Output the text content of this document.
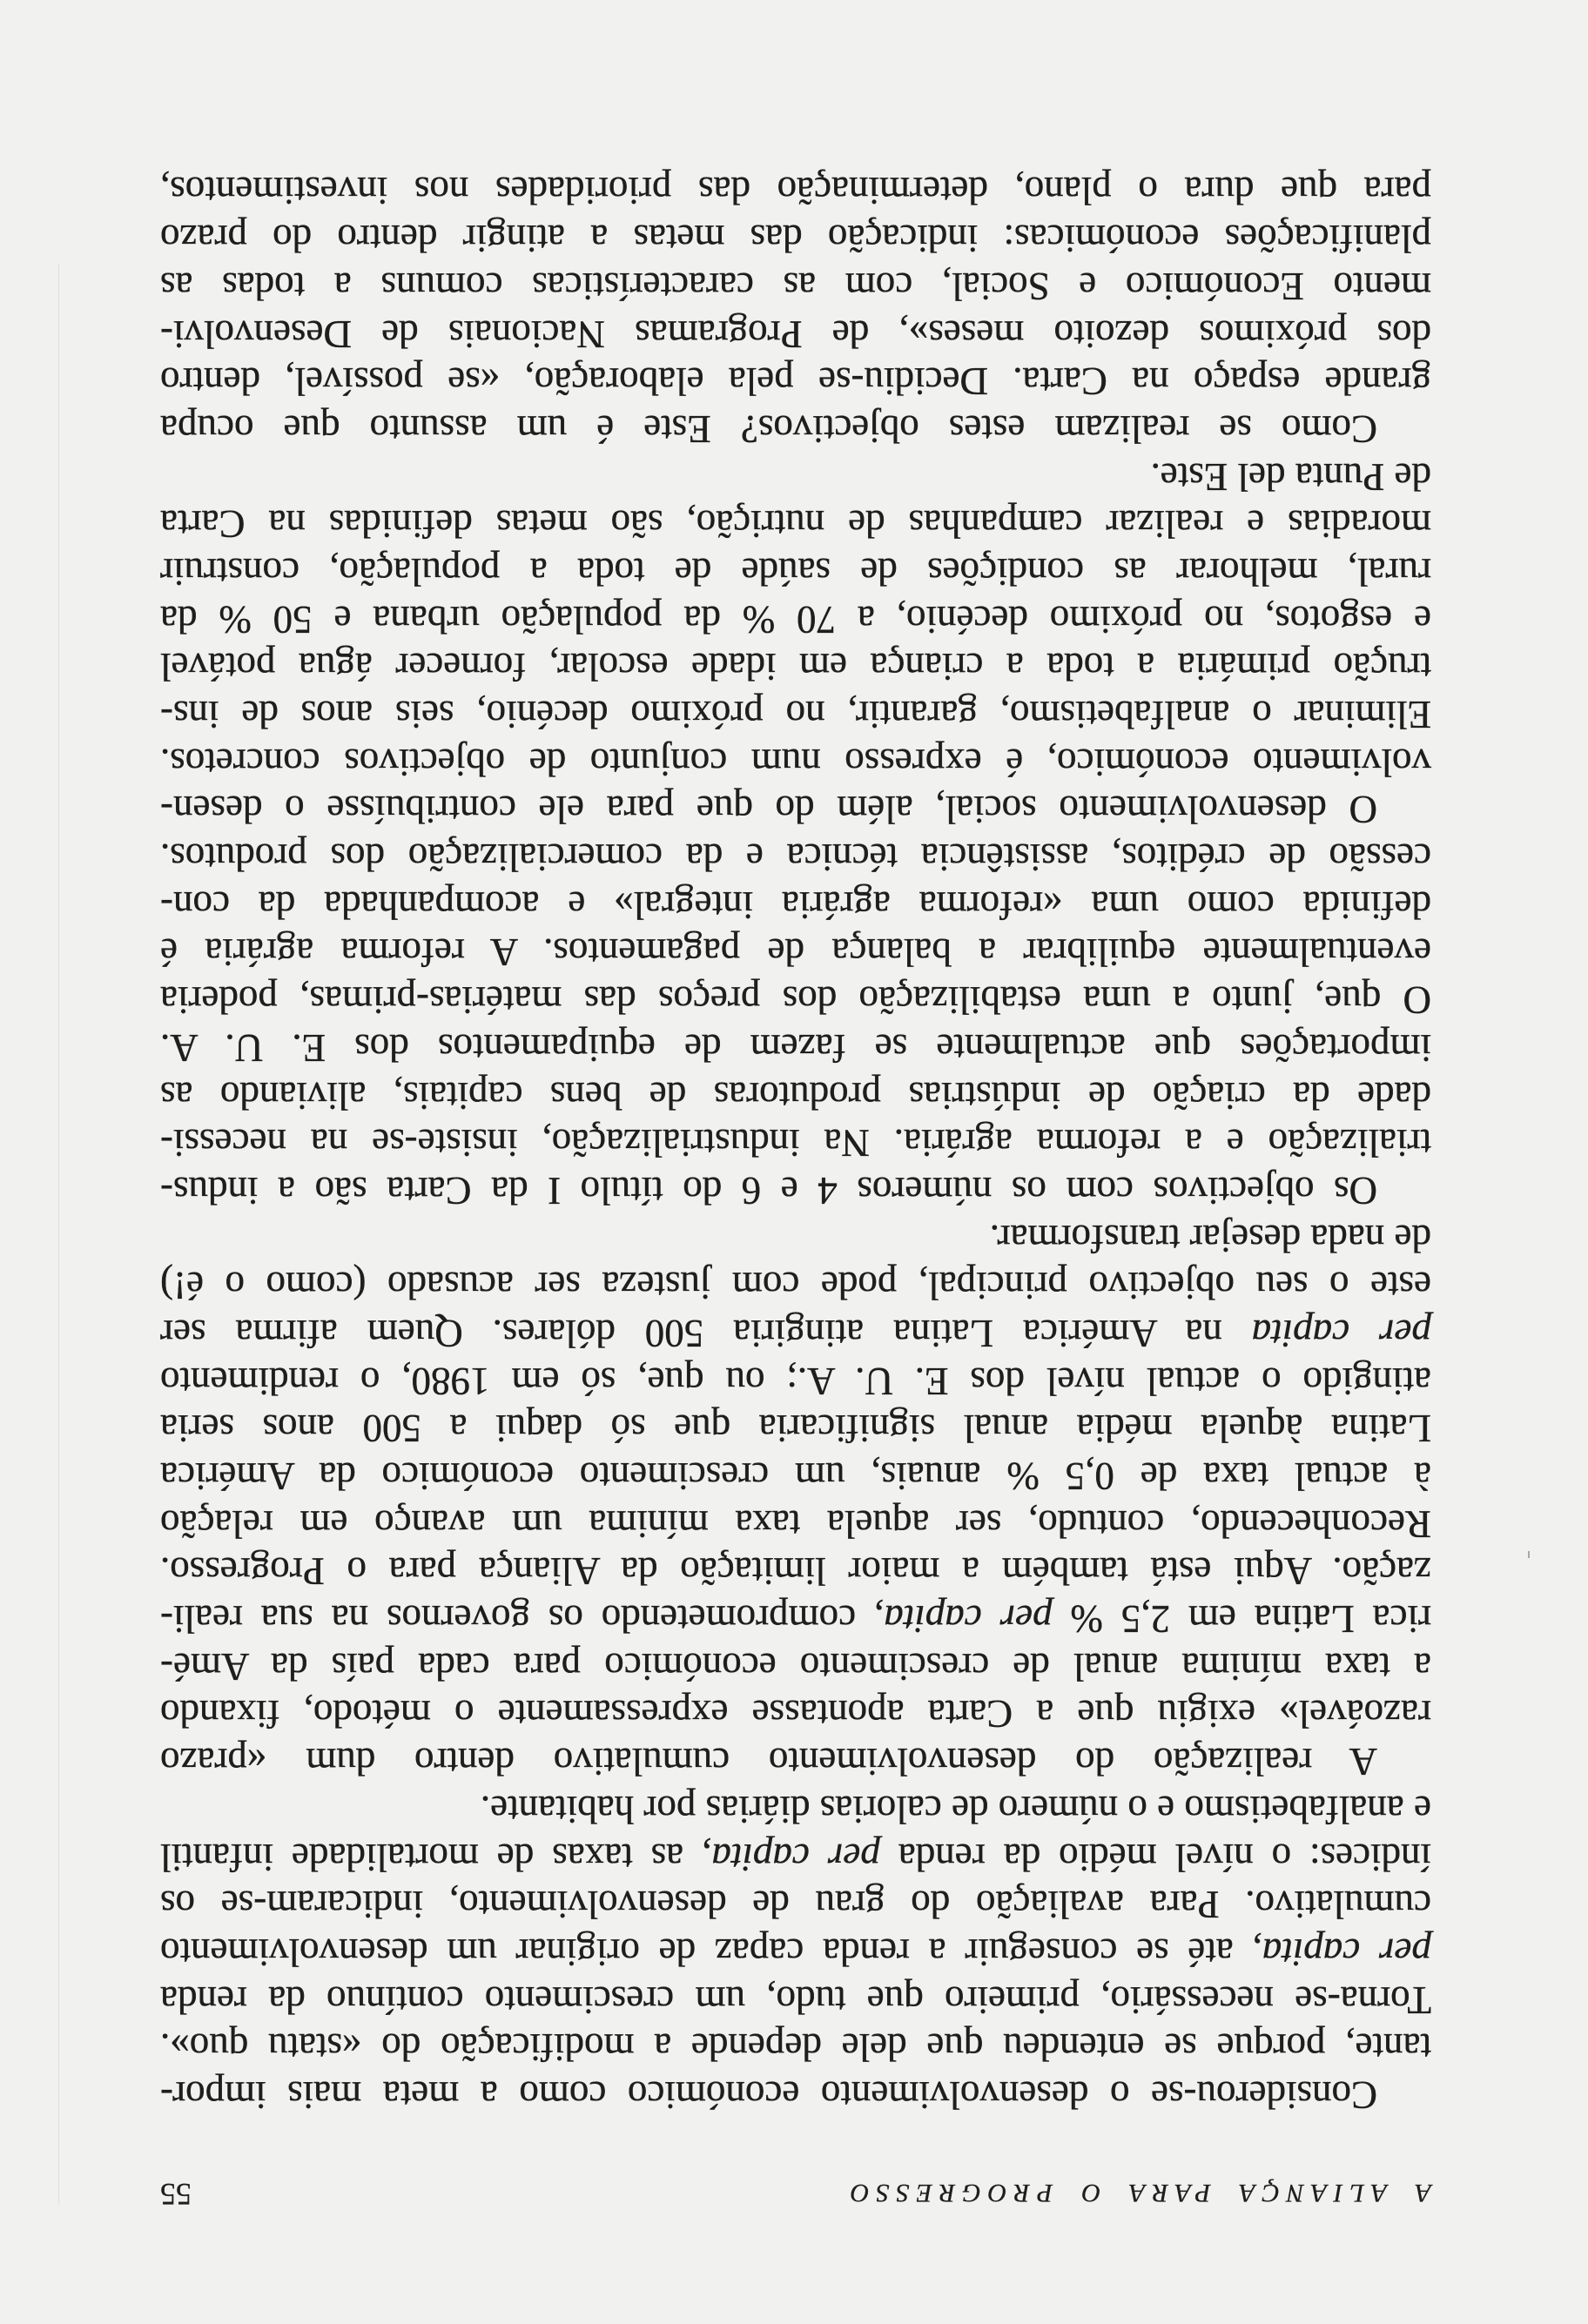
A ALIANÇA PARA O PROGRESSO
55
Considerou-se o desenvolvimento económico como a meta mais impor-
tante, porque se entendeu que dele depende a modificação do «statu quo».
Torna-se necessário, primeiro que tudo, um crescimento contínuo da renda
per capita, até se conseguir a renda capaz de originar um desenvolvimento
cumulativo. Para avaliação do grau de desenvolvimento, indicaram-se os
índices: o nível médio da renda per capita, as taxas de mortalidade infantil
e analfabetismo e o número de calorias diárias por habitante.
A realização do desenvolvimento cumulativo dentro dum «prazo
razoável» exigiu que a Carta apontasse expressamente o método, fixando
a taxa mínima anual de crescimento económico para cada país da Amé-
rica Latina em 2,5 % per capita, comprometendo os governos na sua reali-
zação. Aqui está também a maior limitação da Aliança para o Progresso.
Reconhecendo, contudo, ser aquela taxa mínima um avanço em relação
à actual taxa de 0,5 % anuais, um crescimento económico da América
Latina àquela média anual significaria que só daqui a 500 anos seria
atingido o actual nível dos E. U. A.; ou que, só em 1980, o rendimento
per capita na América Latina atingiria 500 dólares. Quem afirma ser
este o seu objectivo principal, pode com justeza ser acusado (como o é!)
de nada desejar transformar.
Os objectivos com os números 4 e 6 do título I da Carta são a indus-
trialização e a reforma agrária. Na industrialização, insiste-se na necessi-
dade da criação de indústrias produtoras de bens capitais, aliviando as
importações que actualmente se fazem de equipamentos dos E. U. A.
O que, junto a uma estabilização dos preços das matérias-primas, poderia
eventualmente equilibrar a balança de pagamentos. A reforma agrária é
definida como uma «reforma agrária integral» e acompanhada da con-
cessão de créditos, assistência técnica e da comercialização dos produtos.
O desenvolvimento social, além do que para ele contribuísse o desen-
volvimento económico, é expresso num conjunto de objectivos concretos.
Eliminar o analfabetismo, garantir, no próximo decénio, seis anos de ins-
trução primária a toda a criança em idade escolar, fornecer água potável
e esgotos, no próximo decénio, a 70 % da população urbana e 50 % da
rural, melhorar as condições de saúde de toda a população, construir
moradias e realizar campanhas de nutrição, são metas definidas na Carta
de Punta del Este.
Como se realizam estes objectivos? Este é um assunto que ocupa
grande espaço na Carta. Decidiu-se pela elaboração, «se possível, dentro
dos próximos dezoito meses», de Programas Nacionais de Desenvolvi-
mento Económico e Social, com as características comuns a todas as
planificações económicas: indicação das metas a atingir dentro do prazo
para que dura o plano, determinação das prioridades nos investimentos,
